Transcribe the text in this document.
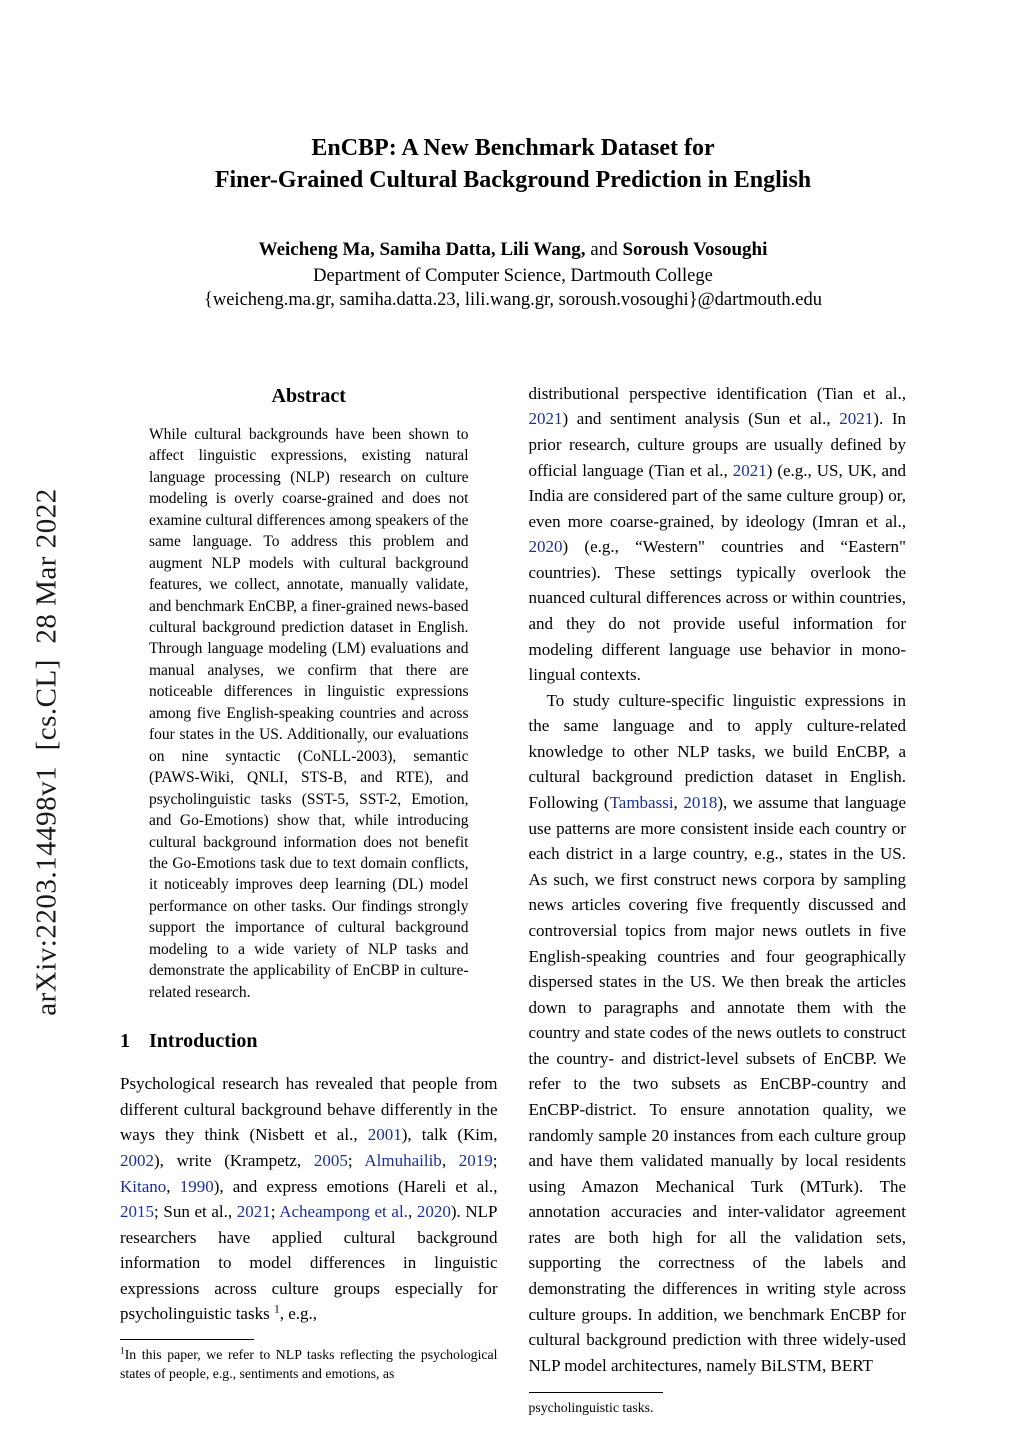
arXiv:2203.14498v1  [cs.CL]  28 Mar 2022
EnCBP: A New Benchmark Dataset for
Finer-Grained Cultural Background Prediction in English
Weicheng Ma, Samiha Datta, Lili Wang, and Soroush Vosoughi
Department of Computer Science, Dartmouth College
{weicheng.ma.gr, samiha.datta.23, lili.wang.gr, soroush.vosoughi}@dartmouth.edu
Abstract
While cultural backgrounds have been shown to affect linguistic expressions, existing natural language processing (NLP) research on culture modeling is overly coarse-grained and does not examine cultural differences among speakers of the same language. To address this problem and augment NLP models with cultural background features, we collect, annotate, manually validate, and benchmark EnCBP, a finer-grained news-based cultural background prediction dataset in English. Through language modeling (LM) evaluations and manual analyses, we confirm that there are noticeable differences in linguistic expressions among five English-speaking countries and across four states in the US. Additionally, our evaluations on nine syntactic (CoNLL-2003), semantic (PAWS-Wiki, QNLI, STS-B, and RTE), and psycholinguistic tasks (SST-5, SST-2, Emotion, and Go-Emotions) show that, while introducing cultural background information does not benefit the Go-Emotions task due to text domain conflicts, it noticeably improves deep learning (DL) model performance on other tasks. Our findings strongly support the importance of cultural background modeling to a wide variety of NLP tasks and demonstrate the applicability of EnCBP in culture-related research.
1 Introduction

Psychological research has revealed that people from different cultural background behave differently in the ways they think (Nisbett et al., 2001), talk (Kim, 2002), write (Krampetz, 2005; Almuhailib, 2019; Kitano, 1990), and express emotions (Hareli et al., 2015; Sun et al., 2021; Acheampong et al., 2020). NLP researchers have applied cultural background information to model differences in linguistic expressions across culture groups especially for psycholinguistic tasks $^1$, e.g.,

$^1$In this paper, we refer to NLP tasks reflecting the psychological states of people, e.g., sentiments and emotions, as

distributional perspective identification (Tian et al., 2021) and sentiment analysis (Sun et al., 2021). In prior research, culture groups are usually defined by official language (Tian et al., 2021) (e.g., US, UK, and India are considered part of the same culture group) or, even more coarse-grained, by ideology (Imran et al., 2020) (e.g., “Western" countries and “Eastern" countries). These settings typically overlook the nuanced cultural differences across or within countries, and they do not provide useful information for modeling different language use behavior in mono-lingual contexts.

To study culture-specific linguistic expressions in the same language and to apply culture-related knowledge to other NLP tasks, we build EnCBP, a cultural background prediction dataset in English. Following (Tambassi, 2018), we assume that language use patterns are more consistent inside each country or each district in a large country, e.g., states in the US. As such, we first construct news corpora by sampling news articles covering five frequently discussed and controversial topics from major news outlets in five English-speaking countries and four geographically dispersed states in the US. We then break the articles down to paragraphs and annotate them with the country and state codes of the news outlets to construct the country- and district-level subsets of EnCBP. We refer to the two subsets as EnCBP-country and EnCBP-district. To ensure annotation quality, we randomly sample 20 instances from each culture group and have them validated manually by local residents using Amazon Mechanical Turk (MTurk). The annotation accuracies and inter-validator agreement rates are both high for all the validation sets, supporting the correctness of the labels and demonstrating the differences in writing style across culture groups. In addition, we benchmark EnCBP for cultural background prediction with three widely-used NLP model architectures, namely BiLSTM, BERT

psycholinguistic tasks.
